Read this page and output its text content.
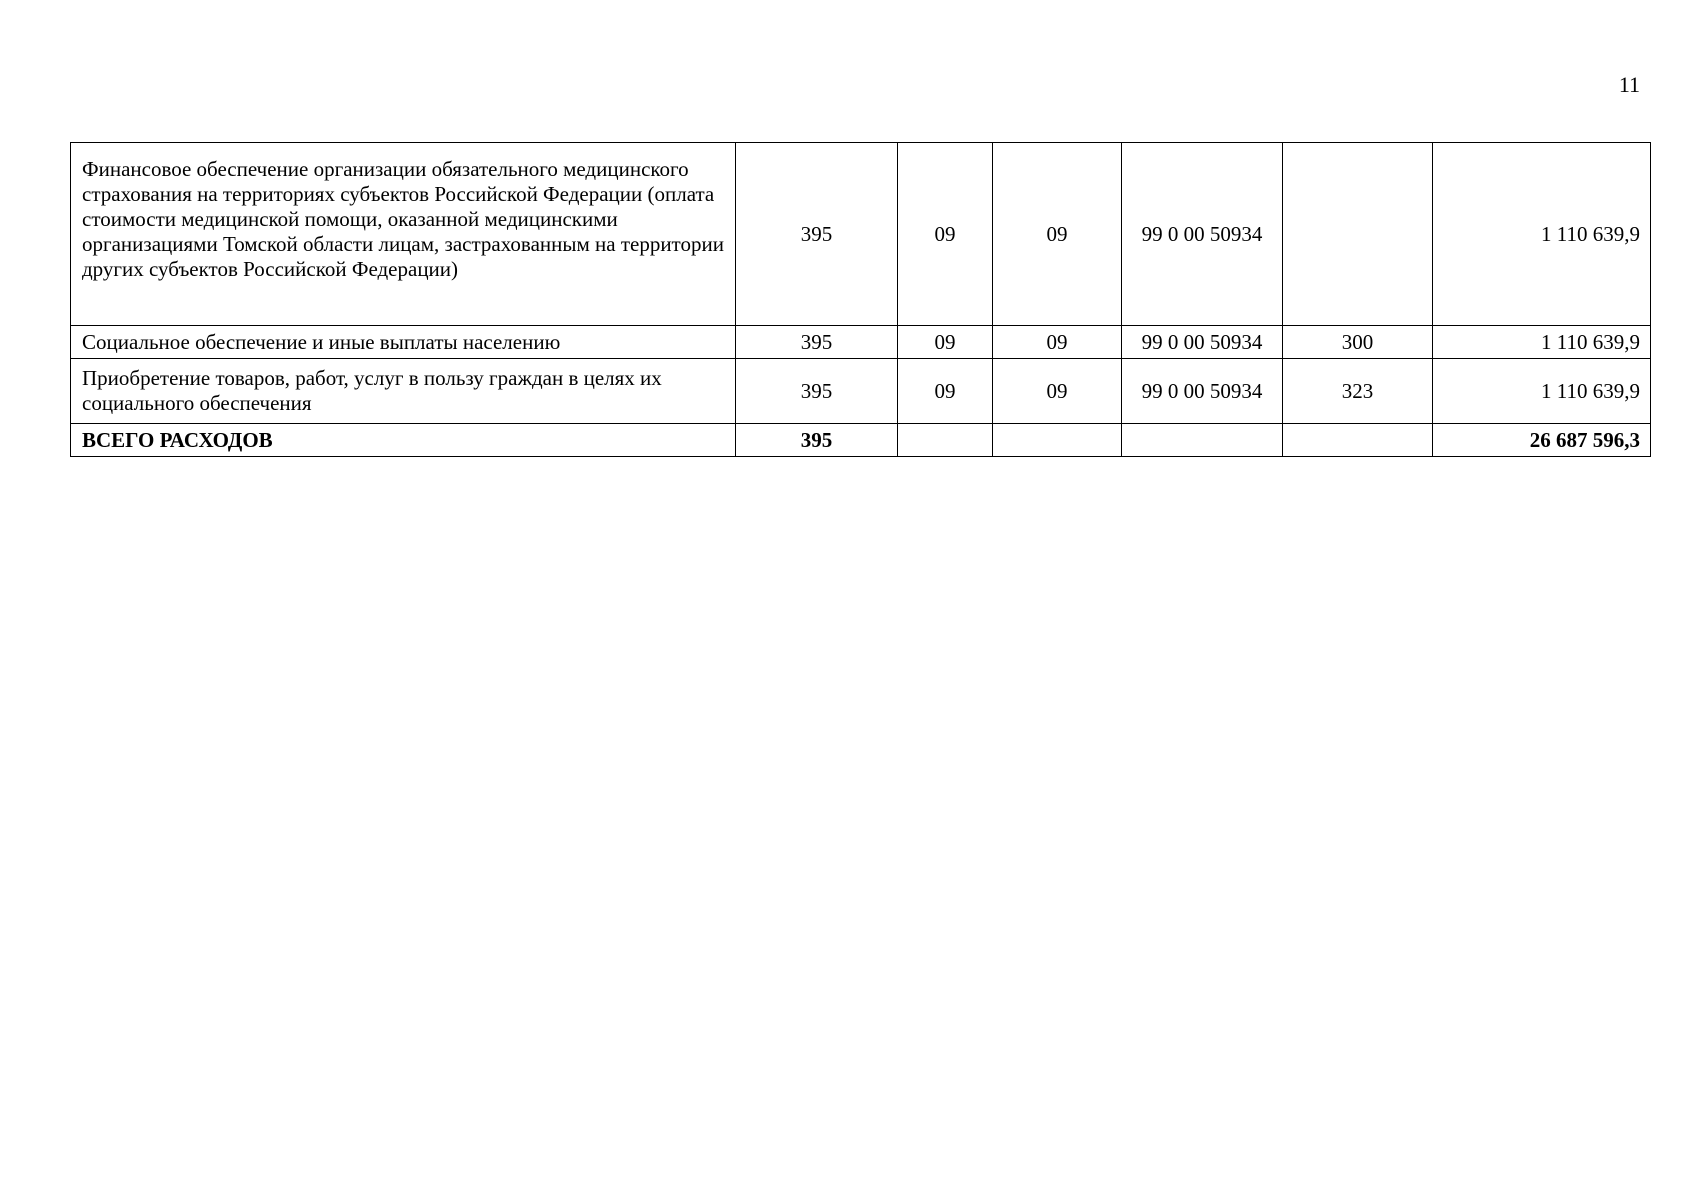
11
Финансовое обеспечение организации обязательного медицинского страхования на территориях субъектов Российской Федерации (оплата стоимости медицинской помощи, оказанной медицинскими организациями Томской области лицам, застрахованным на территории других субъектов Российской Федерации)	395	09	09	99 0 00 50934		1 110 639,9
Социальное обеспечение и иные выплаты населению	395	09	09	99 0 00 50934	300	1 110 639,9
Приобретение товаров, работ, услуг в пользу граждан в целях их социального обеспечения	395	09	09	99 0 00 50934	323	1 110 639,9
ВСЕГО РАСХОДОВ	395					26 687 596,3
